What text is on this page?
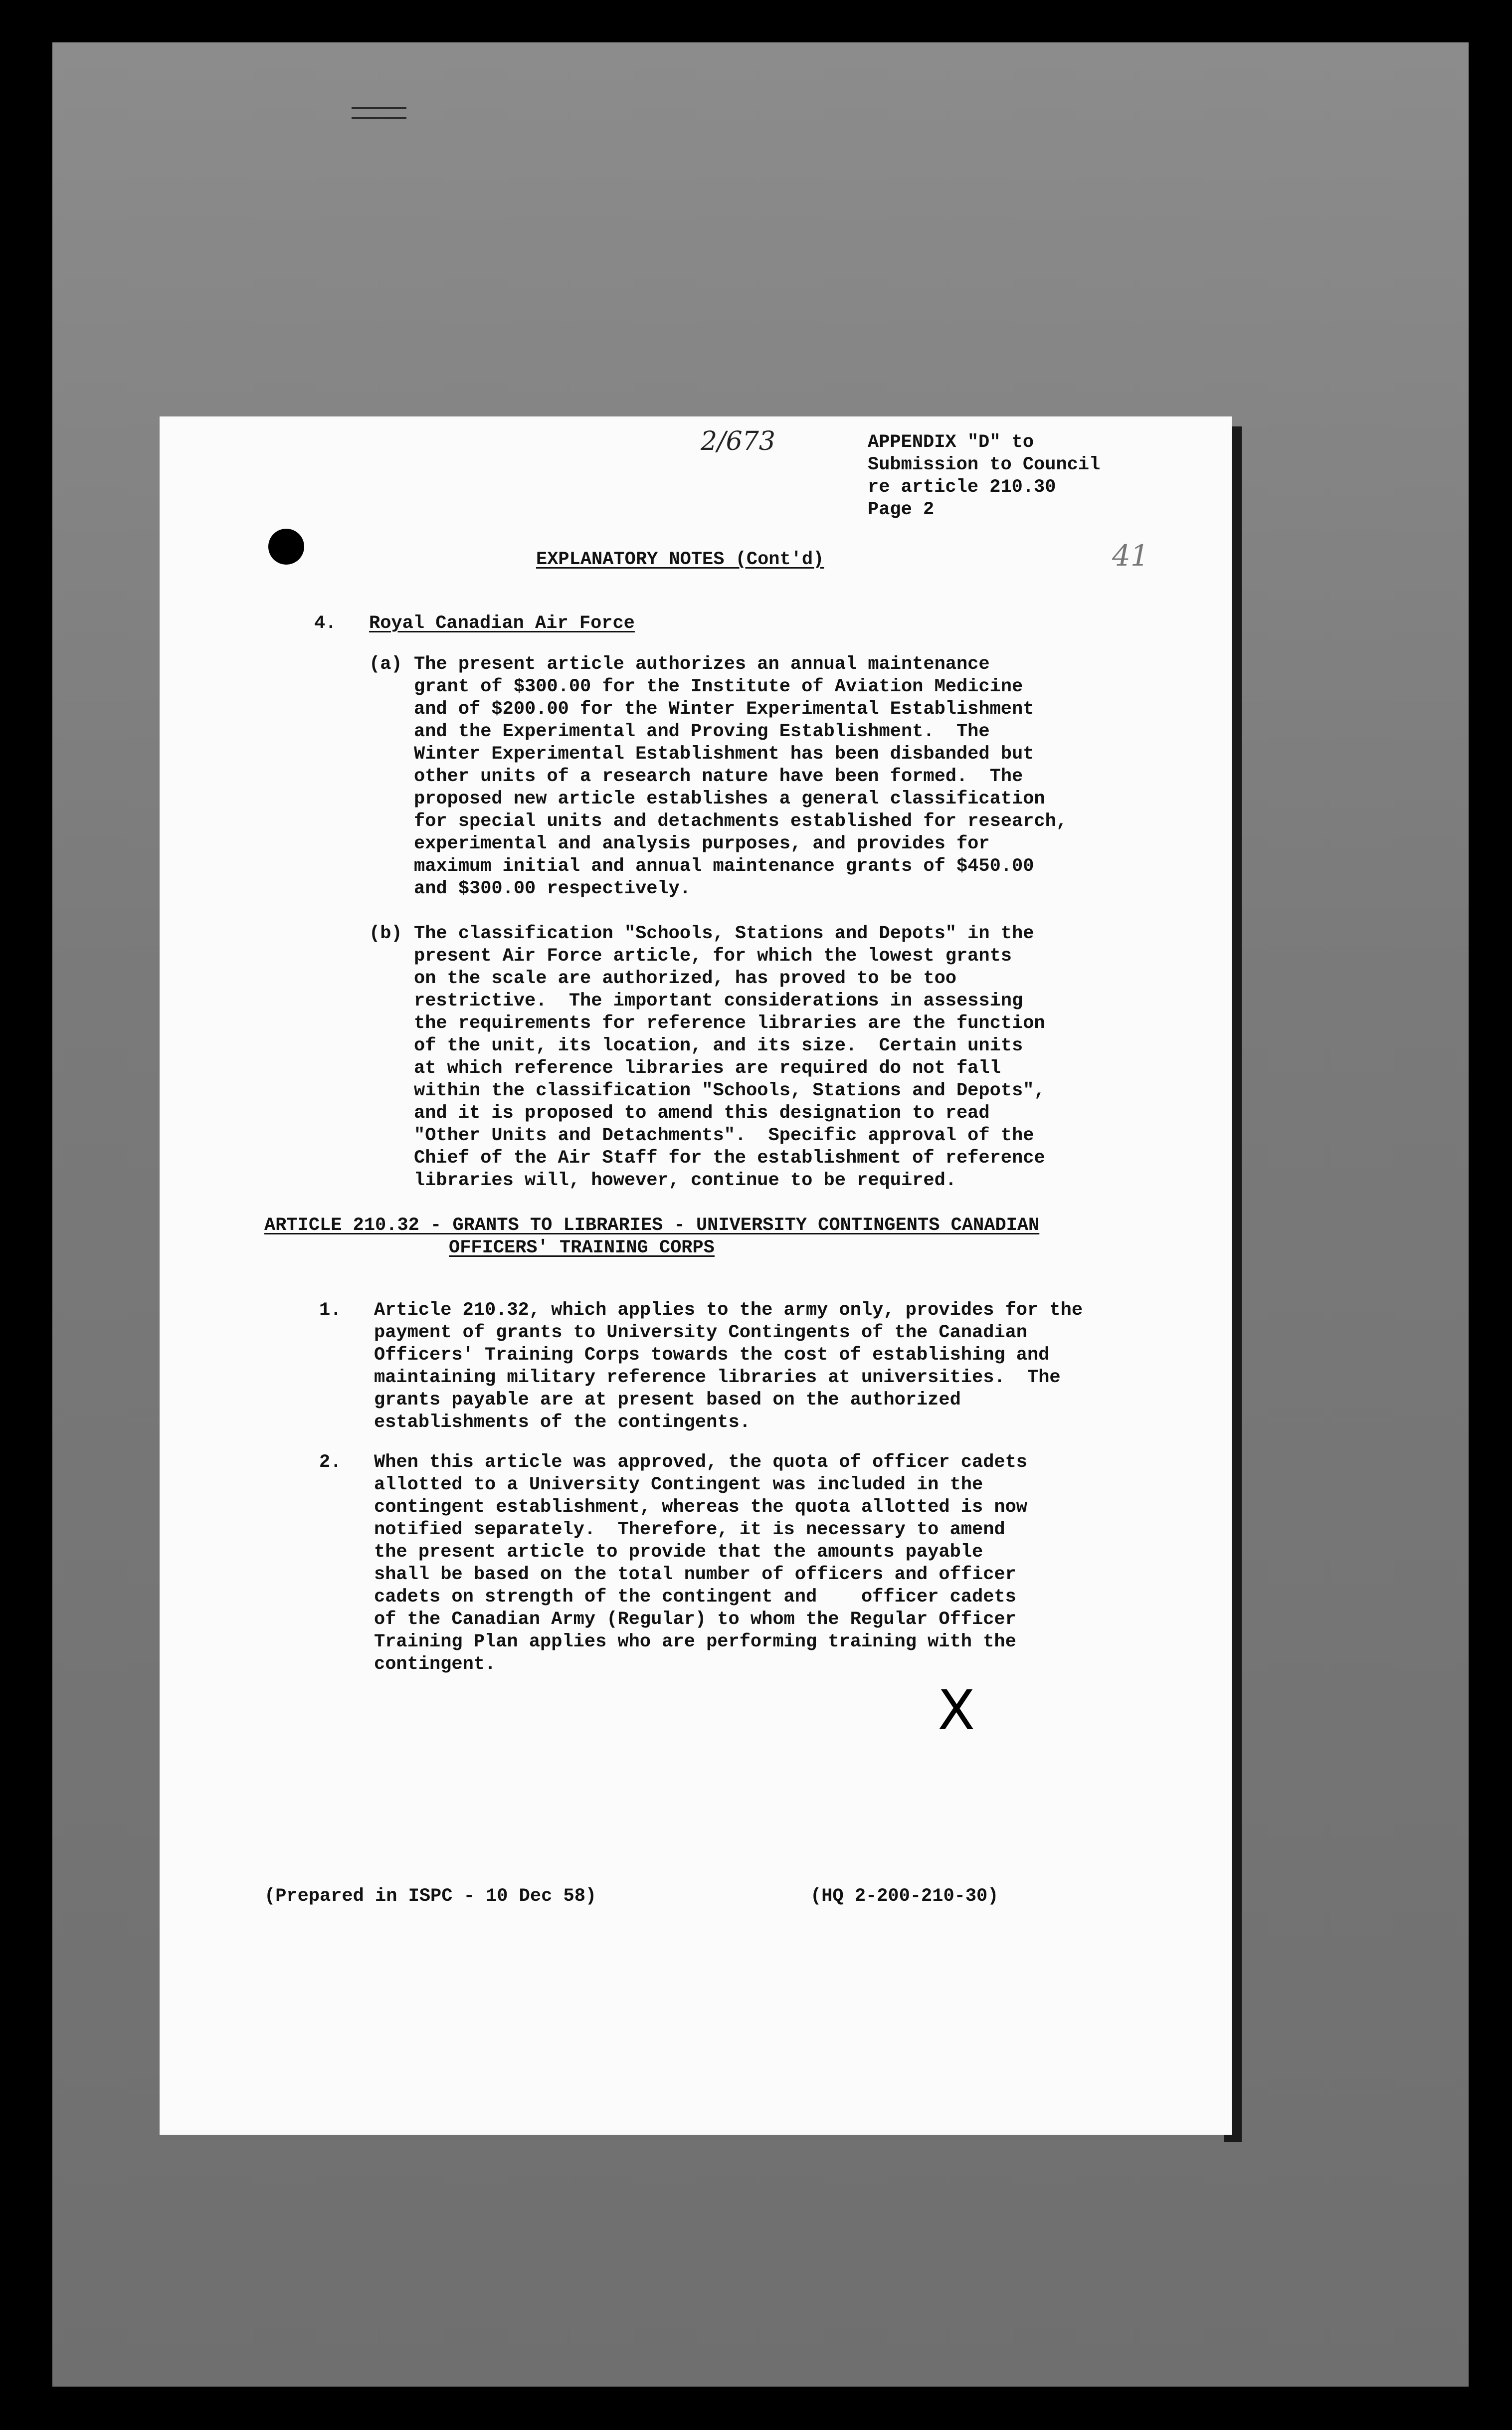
2/673
41
APPENDIX "D" to
Submission to Council
re article 210.30
Page 2
EXPLANATORY NOTES (Cont'd)
4. Royal Canadian Air Force
(a) The present article authorizes an annual maintenance
grant of $300.00 for the Institute of Aviation Medicine
and of $200.00 for the Winter Experimental Establishment
and the Experimental and Proving Establishment.  The
Winter Experimental Establishment has been disbanded but
other units of a research nature have been formed.  The
proposed new article establishes a general classification
for special units and detachments established for research,
experimental and analysis purposes, and provides for
maximum initial and annual maintenance grants of $450.00
and $300.00 respectively.
(b) The classification "Schools, Stations and Depots" in the
present Air Force article, for which the lowest grants
on the scale are authorized, has proved to be too
restrictive.  The important considerations in assessing
the requirements for reference libraries are the function
of the unit, its location, and its size.  Certain units
at which reference libraries are required do not fall
within the classification "Schools, Stations and Depots",
and it is proposed to amend this designation to read
"Other Units and Detachments".  Specific approval of the
Chief of the Air Staff for the establishment of reference
libraries will, however, continue to be required.
ARTICLE 210.32 - GRANTS TO LIBRARIES - UNIVERSITY CONTINGENTS CANADIAN
OFFICERS' TRAINING CORPS
1. Article 210.32, which applies to the army only, provides for the
payment of grants to University Contingents of the Canadian
Officers' Training Corps towards the cost of establishing and
maintaining military reference libraries at universities.  The
grants payable are at present based on the authorized
establishments of the contingents.
2. When this article was approved, the quota of officer cadets
allotted to a University Contingent was included in the
contingent establishment, whereas the quota allotted is now
notified separately.  Therefore, it is necessary to amend
the present article to provide that the amounts payable
shall be based on the total number of officers and officer
cadets on strength of the contingent and    officer cadets
of the Canadian Army (Regular) to whom the Regular Officer
Training Plan applies who are performing training with the
contingent.
X
(Prepared in ISPC - 10 Dec 58)	(HQ 2-200-210-30)
